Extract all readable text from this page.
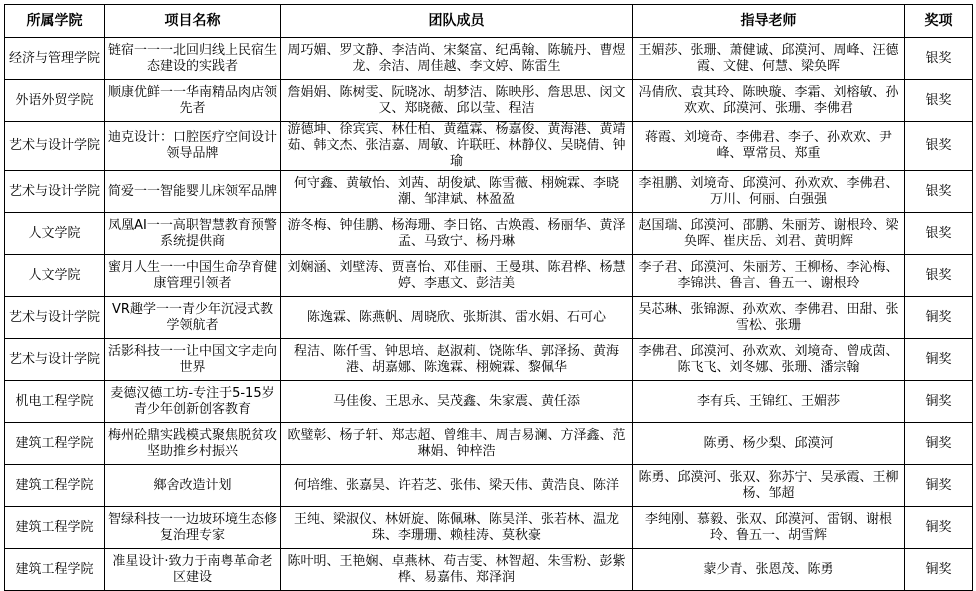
所属学院	项目名称	团队成员	指导老师	奖项
经济与管理学院	链宿一一一北回归线上民宿生态建设的实践者	周巧媚、罗文静、李洁尚、宋粲富、纪禹翰、陈毓丹、曹煜龙、余洁、周佳越、李文婷、陈雷生	王媚莎、张珊、萧健诚、邱漠河、周峰、汪德霞、文健、何慧、梁奂晖	银奖
外语外贸学院	顺康优鲜一一华南精品肉店领先者	詹娟娟、陈树雯、阮晓冰、胡梦洁、陈映彤、詹思思、闵文又、郑晓薇、邱以莹、程洁	冯倩欣、袁其玲、陈映璇、李霜、刘榕敏、孙欢欢、邱漠河、张珊、李佛君	银奖
艺术与设计学院	迪克设计：口腔医疗空间设计领导品牌	游德坤、徐宾宾、林仕柏、黄蕴霖、杨嘉俊、黄海港、黄靖茹、韩文杰、张洁嘉、周敏、许联旺、林静仪、吴晓倩、钟瑜	蒋霞、刘境奇、李佛君、李子、孙欢欢、尹峰、覃常员、郑重	银奖
艺术与设计学院	简爱一一智能婴儿床领军品牌	何守鑫、黄敏怡、刘茜、胡俊斌、陈雪薇、栩婉霖、李晓潮、邹津斌、林盈盈	李祖鹏、刘境奇、邱漠河、孙欢欢、李佛君、万川、何丽、白强强	银奖
人文学院	凤凰AI一一高职智慧教育预警系统提供商	游冬梅、钟佳鹏、杨海珊、李日铭、古焕霞、杨丽华、黄泽孟、马致宁、杨丹琳	赵国瑞、邱漠河、邵鹏、朱丽芳、谢根玲、梁奂晖、崔庆岳、刘君、黄明辉	银奖
人文学院	蜜月人生一一中国生命孕育健康管理引领者	刘娴涵、刘壁涛、贾喜怡、邓佳丽、王曼琪、陈君桦、杨慧婷、李惠文、彭洁美	李子君、邱漠河、朱丽芳、王柳杨、李沁梅、李锦洪、鲁言、鲁五一、谢根玲	银奖
艺术与设计学院	VR趣学一一青少年沉浸式教学领航者	陈逸霖、陈燕帆、周晓欣、张斯淇、雷水娟、石可心	吴芯琳、张锦源、孙欢欢、李佛君、田甜、张雪松、张珊	铜奖
艺术与设计学院	活影科技一一让中国文字走向世界	程洁、陈仟雪、钟思培、赵淑莉、饶陈华、郭泽扬、黄海港、胡嘉娜、陈逸霖、栩婉霖、黎佩华	李佛君、邱漠河、孙欢欢、刘境奇、曾成茵、陈飞飞、刘冬娜、张珊、潘宗翰	铜奖
机电工程学院	麦德汉德工坊-专注于5-15岁青少年创新创客教育	马佳俊、王思永、吴茂鑫、朱家震、黄任添	李有兵、王锦红、王媚莎	铜奖
建筑工程学院	梅州砼鼎实践模式聚焦脱贫攻坚助推乡村振兴	欧璧彰、杨子轩、郑志超、曾维丰、周吉易澜、方泽鑫、范琳娟、钟梓浩	陈勇、杨少梨、邱漠河	铜奖
建筑工程学院	鄉舍改造计划	何培维、张嘉昊、许若芝、张伟、梁天伟、黄浩良、陈洋	陈勇、邱漠河、张双、狝苏宁、吴承霞、王柳杨、邹超	铜奖
建筑工程学院	智绿科技一一边坡环境生态修复治理专家	王纯、梁淑仪、林妍旋、陈佩琳、陈昊洋、张若林、温龙珠、李珊珊、赖桂涛、莫秋豪	李纯刚、慕毅、张双、邱漠河、雷钢、谢根玲、鲁五一、胡雪辉	铜奖
建筑工程学院	准星设计·致力于南粤革命老区建设	陈叶明、王艳娴、卓燕林、苟吉雯、林智超、朱雪粉、彭紫桦、易嘉伟、郑泽润	蒙少青、张恩茂、陈勇	铜奖
